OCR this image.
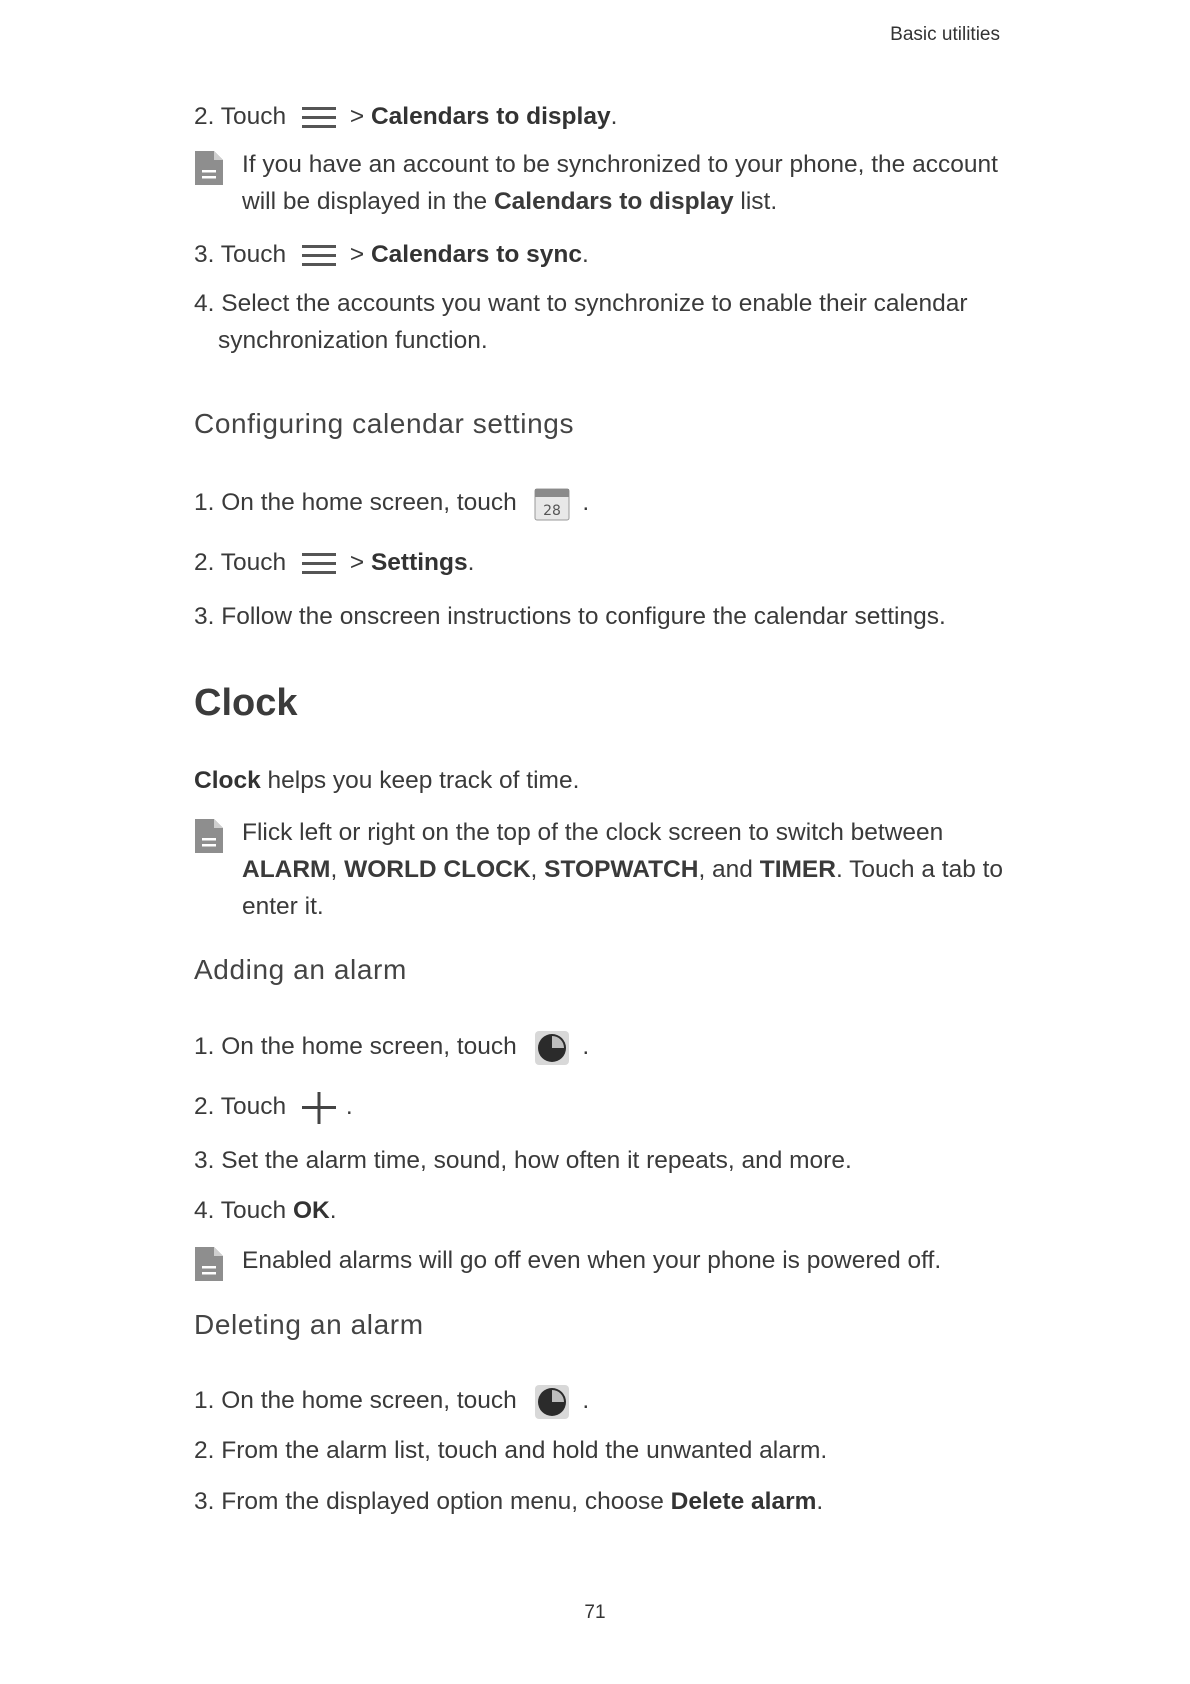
Basic utilities
2. Touch	> Calendars to display.
If you have an account to be synchronized to your phone, the account
will be displayed in the Calendars to display list.
3. Touch	> Calendars to sync.
4. Select the accounts you want to synchronize to enable their calendar
synchronization function.
Configuring calendar settings
1. On the home screen, touch 28 .
2. Touch	> Settings.
3. Follow the onscreen instructions to configure the calendar settings.
Clock
Clock helps you keep track of time.
Flick left or right on the top of the clock screen to switch between
ALARM, WORLD CLOCK, STOPWATCH, and TIMER. Touch a tab to
enter it.
Adding an alarm
1. On the home screen, touch	.
2. Touch .
3. Set the alarm time, sound, how often it repeats, and more.
4. Touch OK.
Enabled alarms will go off even when your phone is powered off.
Deleting an alarm
1. On the home screen, touch	.
2. From the alarm list, touch and hold the unwanted alarm.
3. From the displayed option menu, choose Delete alarm.
71
